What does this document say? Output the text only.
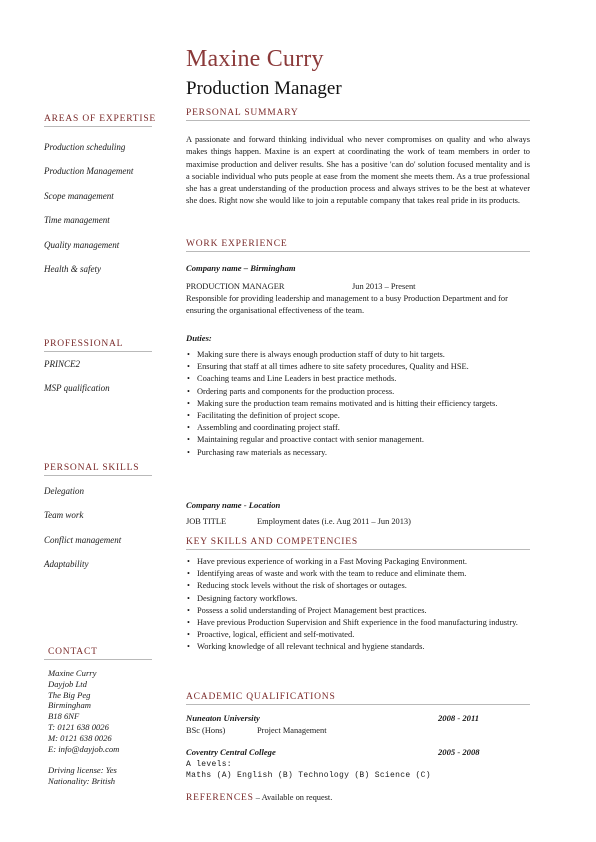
Maxine Curry
Production Manager
AREAS OF EXPERTISE
Production scheduling
Production Management
Scope management
Time management
Quality management
Health & safety
PROFESSIONAL
PRINCE2
MSP qualification
PERSONAL SKILLS
Delegation
Team work
Conflict management
Adaptability
CONTACT
Maxine Curry
Dayjob Ltd
The Big Peg
Birmingham
B18 6NF
T: 0121 638 0026
M: 0121 638 0026
E: info@dayjob.com
Driving license: Yes
Nationality: British
PERSONAL SUMMARY
A passionate and forward thinking individual who never compromises on quality and who always makes things happen. Maxine is an expert at coordinating the work of team members in order to maximise production and deliver results. She has a positive 'can do' solution focused mentality and is a sociable individual who puts people at ease from the moment she meets them. As a true professional she has a great understanding of the production process and always strives to be the best at whatever she does. Right now she would like to join a reputable company that takes real pride in its products.
WORK EXPERIENCE
Company name – Birmingham
PRODUCTION MANAGER	Jun 2013 – Present
Responsible for providing leadership and management to a busy Production Department and for ensuring the organisational effectiveness of the team.
Duties:
• Making sure there is always enough production staff of duty to hit targets.
• Ensuring that staff at all times adhere to site safety procedures, Quality and HSE.
• Coaching teams and Line Leaders in best practice methods.
• Ordering parts and components for the production process.
• Making sure the production team remains motivated and is hitting their efficiency targets.
• Facilitating the definition of project scope.
• Assembling and coordinating project staff.
• Maintaining regular and proactive contact with senior management.
• Purchasing raw materials as necessary.
Company name - Location
JOB TITLE	Employment dates (i.e. Aug 2011 – Jun 2013)
KEY SKILLS AND COMPETENCIES
• Have previous experience of working in a Fast Moving Packaging Environment.
• Identifying areas of waste and work with the team to reduce and eliminate them.
• Reducing stock levels without the risk of shortages or outages.
• Designing factory workflows.
• Possess a solid understanding of Project Management best practices.
• Have previous Production Supervision and Shift experience in the food manufacturing industry.
• Proactive, logical, efficient and self-motivated.
• Working knowledge of all relevant technical and hygiene standards.
ACADEMIC QUALIFICATIONS
Nuneaton University	2008 - 2011
BSc (Hons)	Project Management
Coventry Central College	2005 - 2008
A levels:
Maths (A) English (B) Technology (B) Science (C)
REFERENCES – Available on request.
